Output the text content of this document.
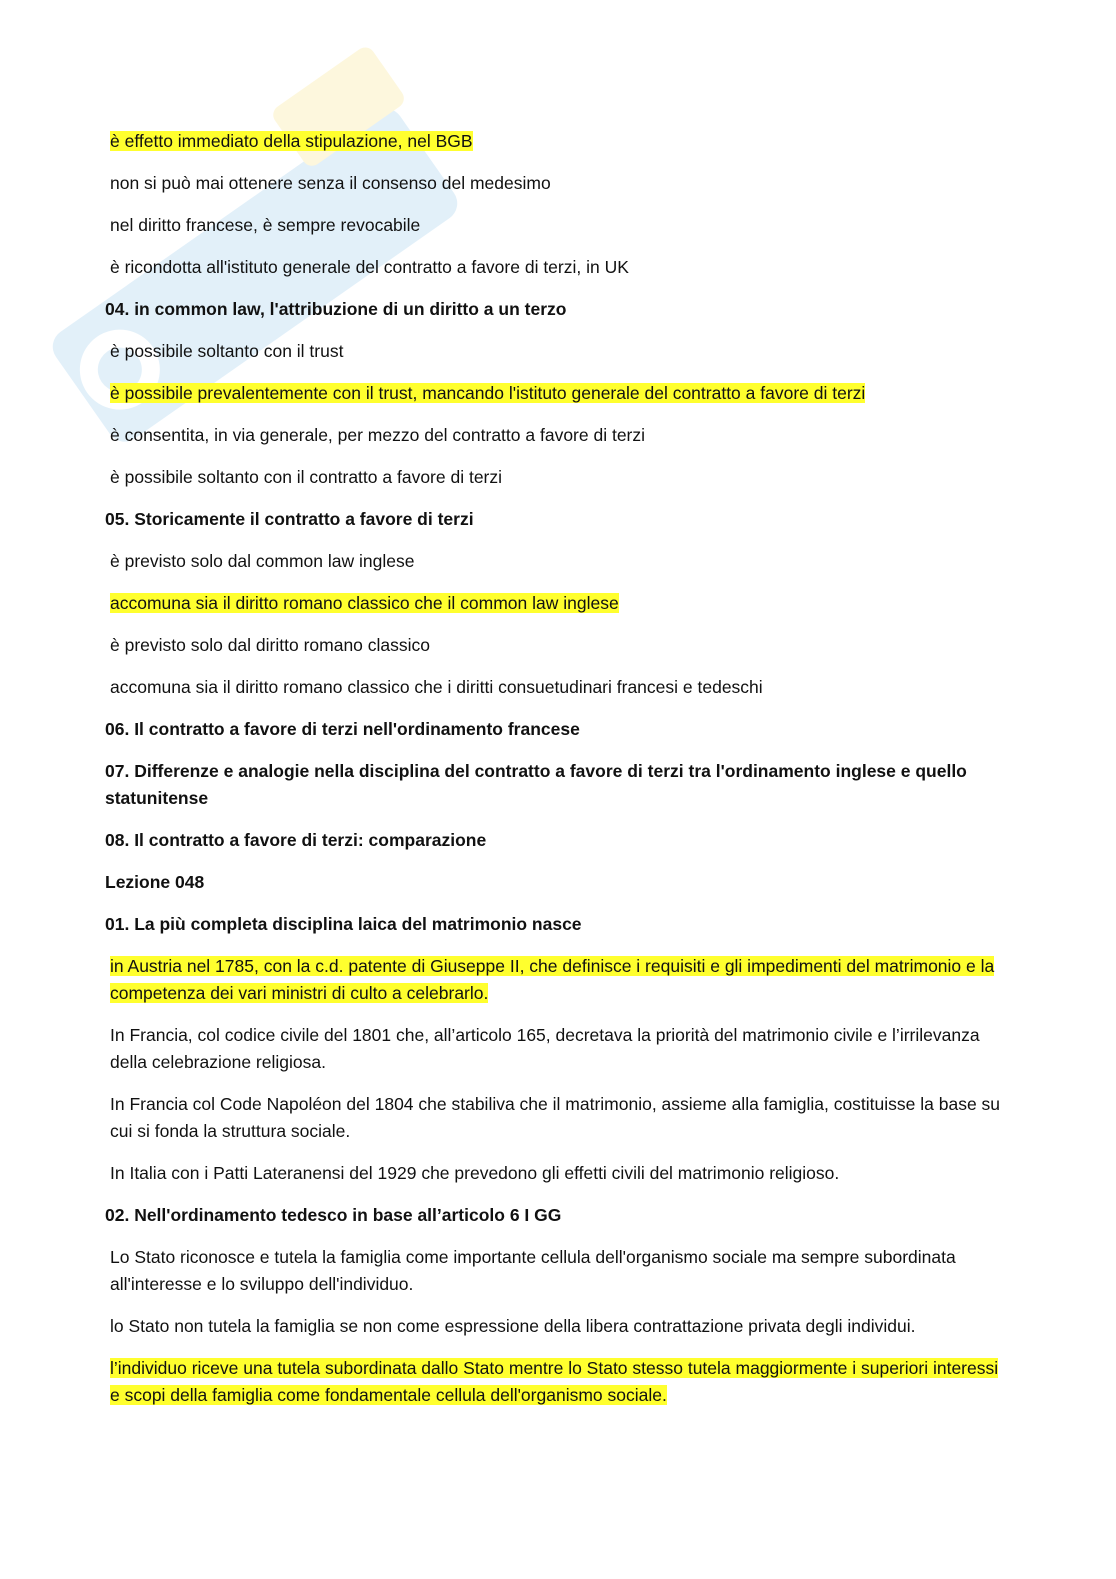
è effetto immediato della stipulazione, nel BGB

non si può mai ottenere senza il consenso del medesimo

nel diritto francese, è sempre revocabile

è ricondotta all'istituto generale del contratto a favore di terzi, in UK

04. in common law, l'attribuzione di un diritto a un terzo

è possibile soltanto con il trust

è possibile prevalentemente con il trust, mancando l'istituto generale del contratto a favore di terzi

è consentita, in via generale, per mezzo del contratto a favore di terzi

è possibile soltanto con il contratto a favore di terzi

05. Storicamente il contratto a favore di terzi

è previsto solo dal common law inglese

accomuna sia il diritto romano classico che il common law inglese

è previsto solo dal diritto romano classico

accomuna sia il diritto romano classico che i diritti consuetudinari francesi e tedeschi

06. Il contratto a favore di terzi nell'ordinamento francese

07. Differenze e analogie nella disciplina del contratto a favore di terzi tra l'ordinamento inglese e quello statunitense

08. Il contratto a favore di terzi: comparazione

Lezione 048

01. La più completa disciplina laica del matrimonio nasce

in Austria nel 1785, con la c.d. patente di Giuseppe II, che definisce i requisiti e gli impedimenti del matrimonio e la competenza dei vari ministri di culto a celebrarlo.

In Francia, col codice civile del 1801 che, all’articolo 165, decretava la priorità del matrimonio civile e l’irrilevanza della celebrazione religiosa.

In Francia col Code Napoléon del 1804 che stabiliva che il matrimonio, assieme alla famiglia, costituisse la base su cui si fonda la struttura sociale.

In Italia con i Patti Lateranensi del 1929 che prevedono gli effetti civili del matrimonio religioso.

02. Nell'ordinamento tedesco in base all’articolo 6 I GG

Lo Stato riconosce e tutela la famiglia come importante cellula dell'organismo sociale ma sempre subordinata all'interesse e lo sviluppo dell'individuo.

lo Stato non tutela la famiglia se non come espressione della libera contrattazione privata degli individui.

l’individuo riceve una tutela subordinata dallo Stato mentre lo Stato stesso tutela maggiormente i superiori interessi e scopi della famiglia come fondamentale cellula dell'organismo sociale.
